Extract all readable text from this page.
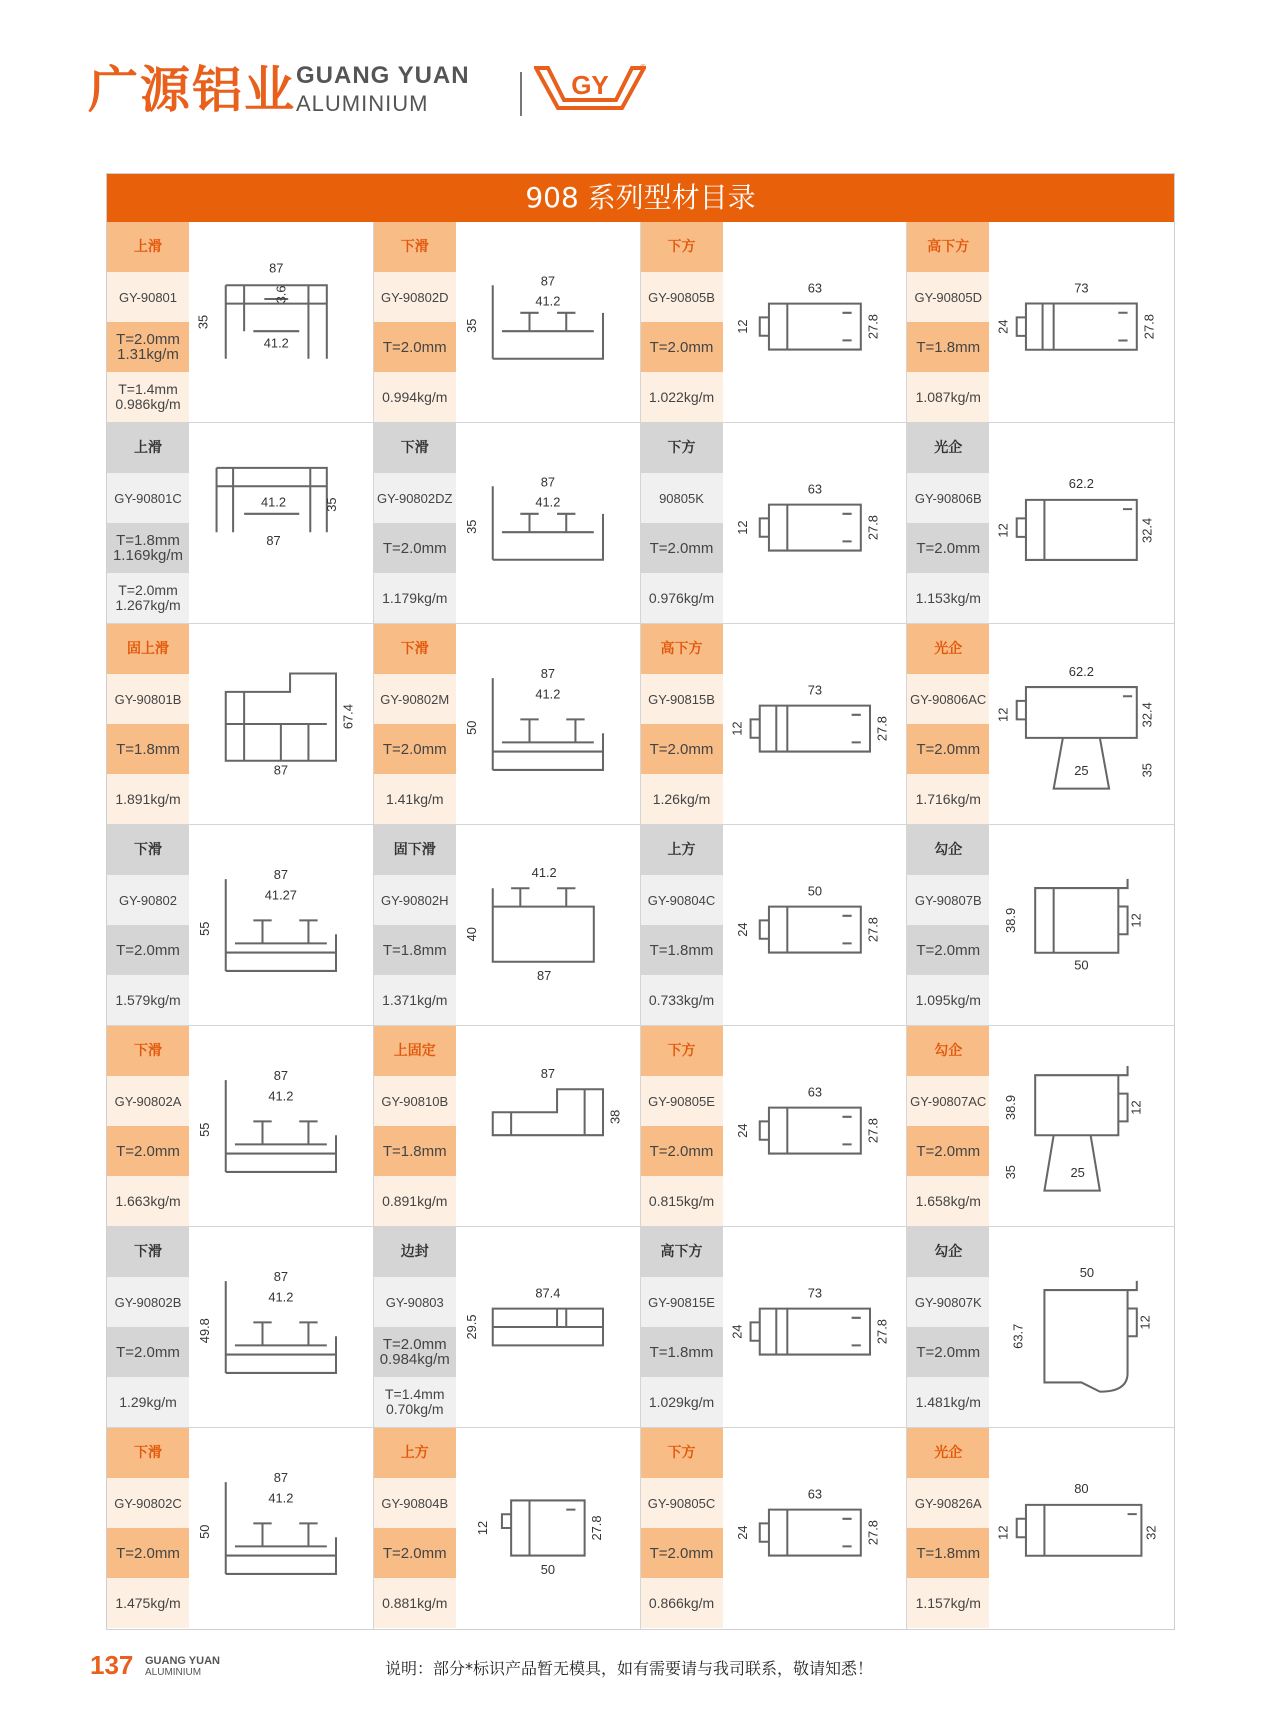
广源铝业 GUANG YUAN
ALUMINIUM
GY
®
908 系列型材目录
上滑
GY-90801
T=2.0mm
1.31kg/m
T=1.4mm
0.986kg/m
87
3.6
41.2
35
下滑
GY-90802D
T=2.0mm
0.994kg/m
87
41.2
35
下方
GY-90805B
T=2.0mm
1.022kg/m
63
12	27.8
高下方
GY-90805D
T=1.8mm
1.087kg/m
73
24	27.8
上滑
GY-90801C
T=1.8mm
1.169kg/m
T=2.0mm
1.267kg/m
41.2
87
35
下滑
GY-90802DZ
T=2.0mm
1.179kg/m
87
41.2
35
下方
90805K
T=2.0mm
0.976kg/m
63
12	27.8
光企
GY-90806B
T=2.0mm
1.153kg/m
62.2
12	32.4
固上滑
GY-90801B
T=1.8mm
1.891kg/m
87
67.4
下滑
GY-90802M
T=2.0mm
1.41kg/m
87
41.2
50
高下方
GY-90815B
T=2.0mm
1.26kg/m
73
12	27.8
光企
GY-90806AC
T=2.0mm
1.716kg/m
62.2
12	32.4
25	35
下滑
GY-90802
T=2.0mm
1.579kg/m
87
41.27
55
固下滑
GY-90802H
T=1.8mm
1.371kg/m
41.2
87
40
上方
GY-90804C
T=1.8mm
0.733kg/m
50
24	27.8
勾企
GY-90807B
T=2.0mm
1.095kg/m
38.9	12
50
下滑
GY-90802A
T=2.0mm
1.663kg/m
87
41.2
55
上固定
GY-90810B
T=1.8mm
0.891kg/m
87
38
下方
GY-90805E
T=2.0mm
0.815kg/m
63
24	27.8
勾企
GY-90807AC
T=2.0mm
1.658kg/m
38.9	12
25
35
下滑
GY-90802B
T=2.0mm
1.29kg/m
87
41.2
49.8
边封
GY-90803
T=2.0mm
0.984kg/m
T=1.4mm
0.70kg/m
87.4
29.5
高下方
GY-90815E
T=1.8mm
1.029kg/m
73
24	27.8
勾企
GY-90807K
T=2.0mm
1.481kg/m
50
12
63.7
下滑
GY-90802C
T=2.0mm
1.475kg/m
87
41.2
50
上方
GY-90804B
T=2.0mm
0.881kg/m
50
12	27.8
下方
GY-90805C
T=2.0mm
0.866kg/m
63
24	27.8
光企
GY-90826A
T=1.8mm
1.157kg/m
80
12	32
137 GUANG YUAN
ALUMINIUM	说明：部分*标识产品暂无模具，如有需要请与我司联系，敬请知悉！
